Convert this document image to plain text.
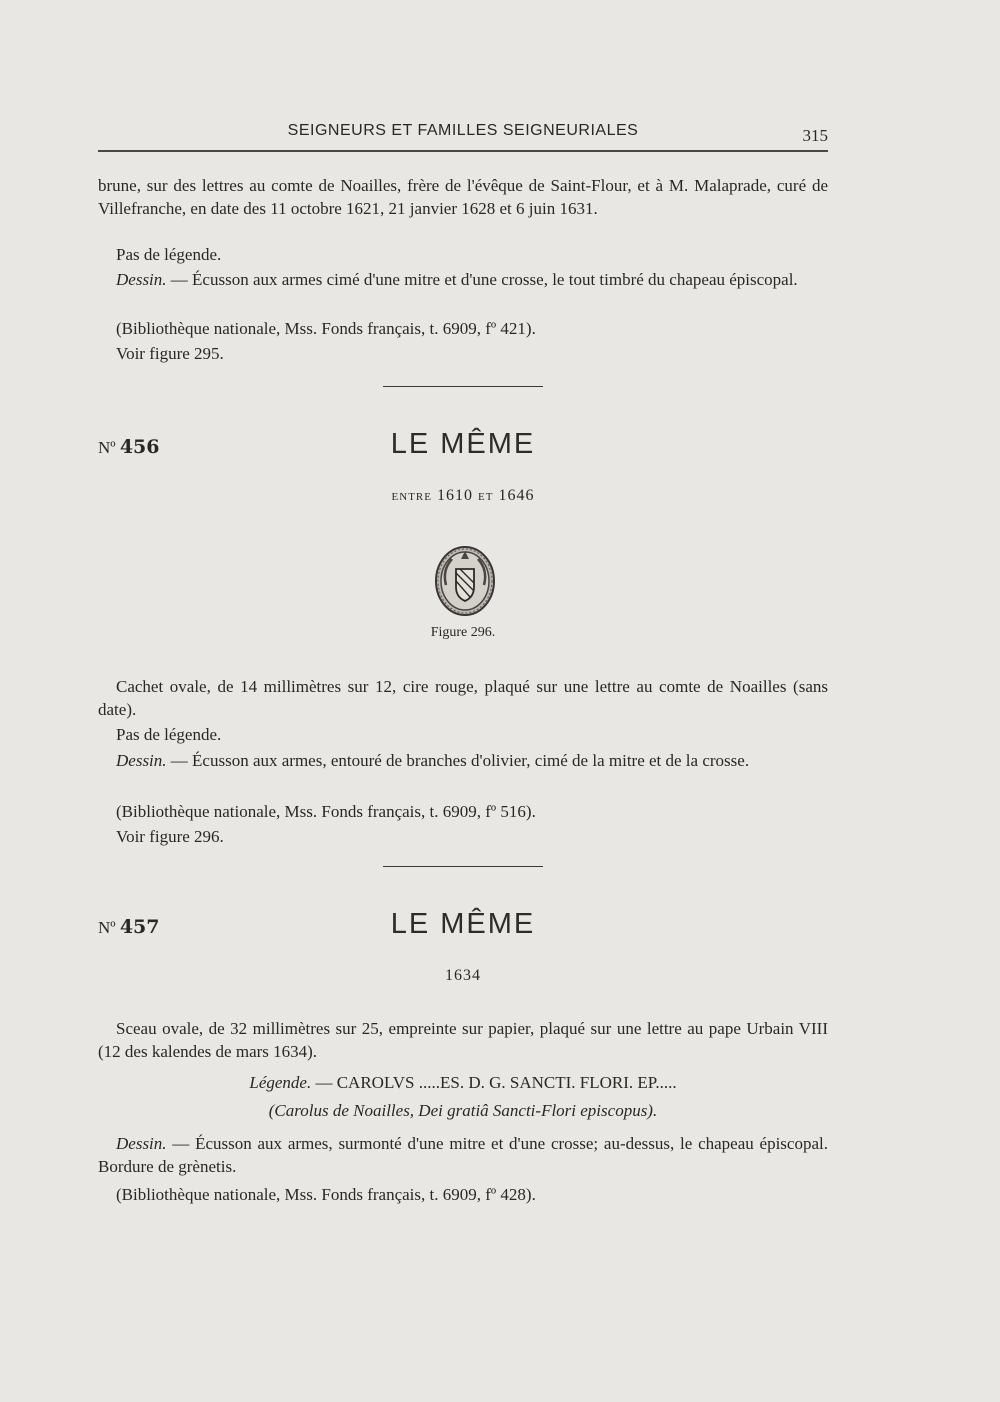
SEIGNEURS ET FAMILLES SEIGNEURIALES	315
brune, sur des lettres au comte de Noailles, frère de l'évêque de Saint-Flour, et à M. Malaprade, curé de Villefranche, en date des 11 octobre 1621, 21 janvier 1628 et 6 juin 1631.
Pas de légende.
Dessin. — Écusson aux armes cimé d'une mitre et d'une crosse, le tout timbré du chapeau épiscopal.
(Bibliothèque nationale, Mss. Fonds français, t. 6909, fº 421).
Voir figure 295.
Nº 456	LE MÊME
entre 1610 et 1646
Figure 296.
Cachet ovale, de 14 millimètres sur 12, cire rouge, plaqué sur une lettre au comte de Noailles (sans date).
Pas de légende.
Dessin. — Écusson aux armes, entouré de branches d'olivier, cimé de la mitre et de la crosse.
(Bibliothèque nationale, Mss. Fonds français, t. 6909, fº 516).
Voir figure 296.
Nº 457	LE MÊME
1634
Sceau ovale, de 32 millimètres sur 25, empreinte sur papier, plaqué sur une lettre au pape Urbain VIII (12 des kalendes de mars 1634).
Légende. — CAROLVS .....ES. D. G. SANCTI. FLORI. EP.....
(Carolus de Noailles, Dei gratiâ Sancti-Flori episcopus).
Dessin. — Écusson aux armes, surmonté d'une mitre et d'une crosse; au-dessus, le chapeau épiscopal. Bordure de grènetis.
(Bibliothèque nationale, Mss. Fonds français, t. 6909, fº 428).
